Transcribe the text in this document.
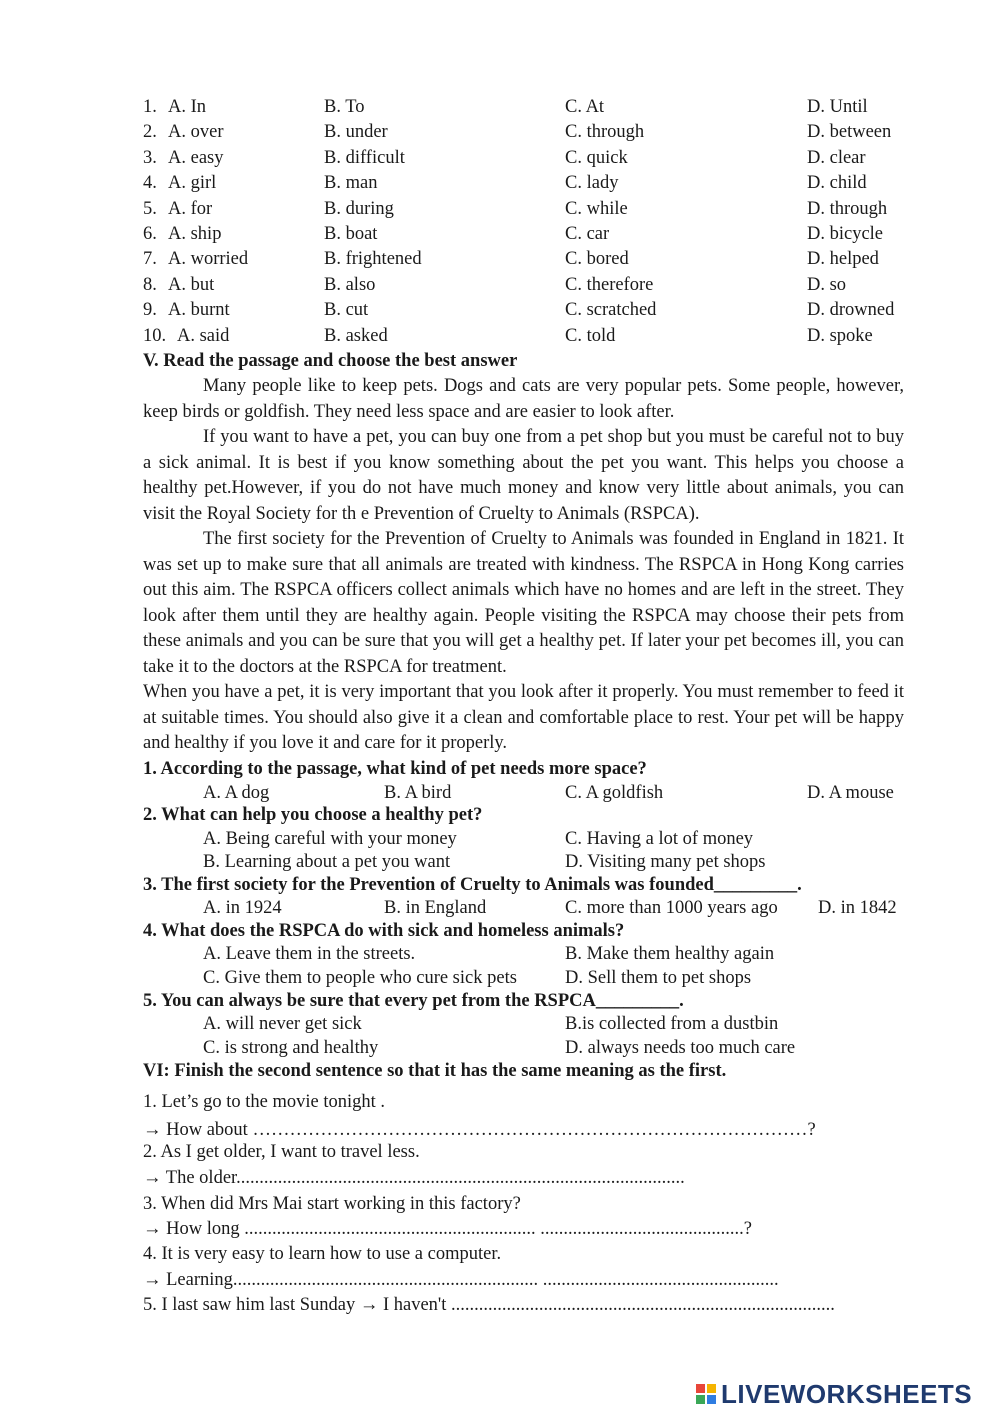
1. A. In	B. To	C. At	D. Until
2. A. over	B. under	C. through	D. between
3. A. easy	B. difficult	C. quick	D. clear
4. A. girl	B. man	C. lady	D. child
5. A. for	B. during	C. while	D. through
6. A. ship	B. boat	C. car	D. bicycle
7. A. worried	B. frightened	C. bored	D. helped
8. A. but	B. also	C. therefore	D. so
9. A. burnt	B. cut	C. scratched	D. drowned
10. A. said	B. asked	C. told	D. spoke
V. Read the passage and choose the best answer
Many people like to keep pets. Dogs and cats are very popular pets. Some people, however, keep birds or goldfish. They need less space and are easier to look after.
If you want to have a pet, you can buy one from a pet shop but you must be careful not to buy a sick animal. It is best if you know something about the pet you want. This helps you choose a healthy pet.However, if you do not have much money and know very little about animals, you can visit the Royal Society for th e Prevention of Cruelty to Animals (RSPCA).
The first society for the Prevention of Cruelty to Animals was founded in England in 1821. It was set up to make sure that all animals are treated with kindness. The RSPCA in Hong Kong carries out this aim. The RSPCA officers collect animals which have no homes and are left in the street. They look after them until they are healthy again. People visiting the RSPCA may choose their pets from these animals and you can be sure that you will get a healthy pet. If later your pet becomes ill, you can take it to the doctors at the RSPCA for treatment.
When you have a pet, it is very important that you look after it properly. You must remember to feed it at suitable times. You should also give it a clean and comfortable place to rest. Your pet will be happy and healthy if you love it and care for it properly.
1. According to the passage, what kind of pet needs more space?
A. A dog	B. A bird	C. A goldfish	D. A mouse
2. What can help you choose a healthy pet?
A. Being careful with your money	C. Having a lot of money
B. Learning about a pet you want	D. Visiting many pet shops
3. The first society for the Prevention of Cruelty to Animals was founded_________.
A. in 1924	B. in England	C. more than 1000 years ago D. in 1842
4. What does the RSPCA do with sick and homeless animals?
A. Leave them in the streets.	B. Make them healthy again
C. Give them to people who cure sick pets	D. Sell them to pet shops
5. You can always be sure that every pet from the RSPCA_________.
A. will never get sick	B.is collected from a dustbin
C. is strong and healthy	D. always needs too much care
VI: Finish the second sentence so that it has the same meaning as the first.
1. Let’s go to the movie tonight .
→ How about ………………………………………………………………………………?
2. As I get older, I want to travel less.
→ The older.................................................................................................
3. When did Mrs Mai start working in this factory?
→ How long ............................................................... ............................................?
4. It is very easy to learn how to use a computer.
→ Learning.................................................................. ...................................................
5. I last saw him last Sunday → I haven't ...................................................................................
LIVEWORKSHEETS
